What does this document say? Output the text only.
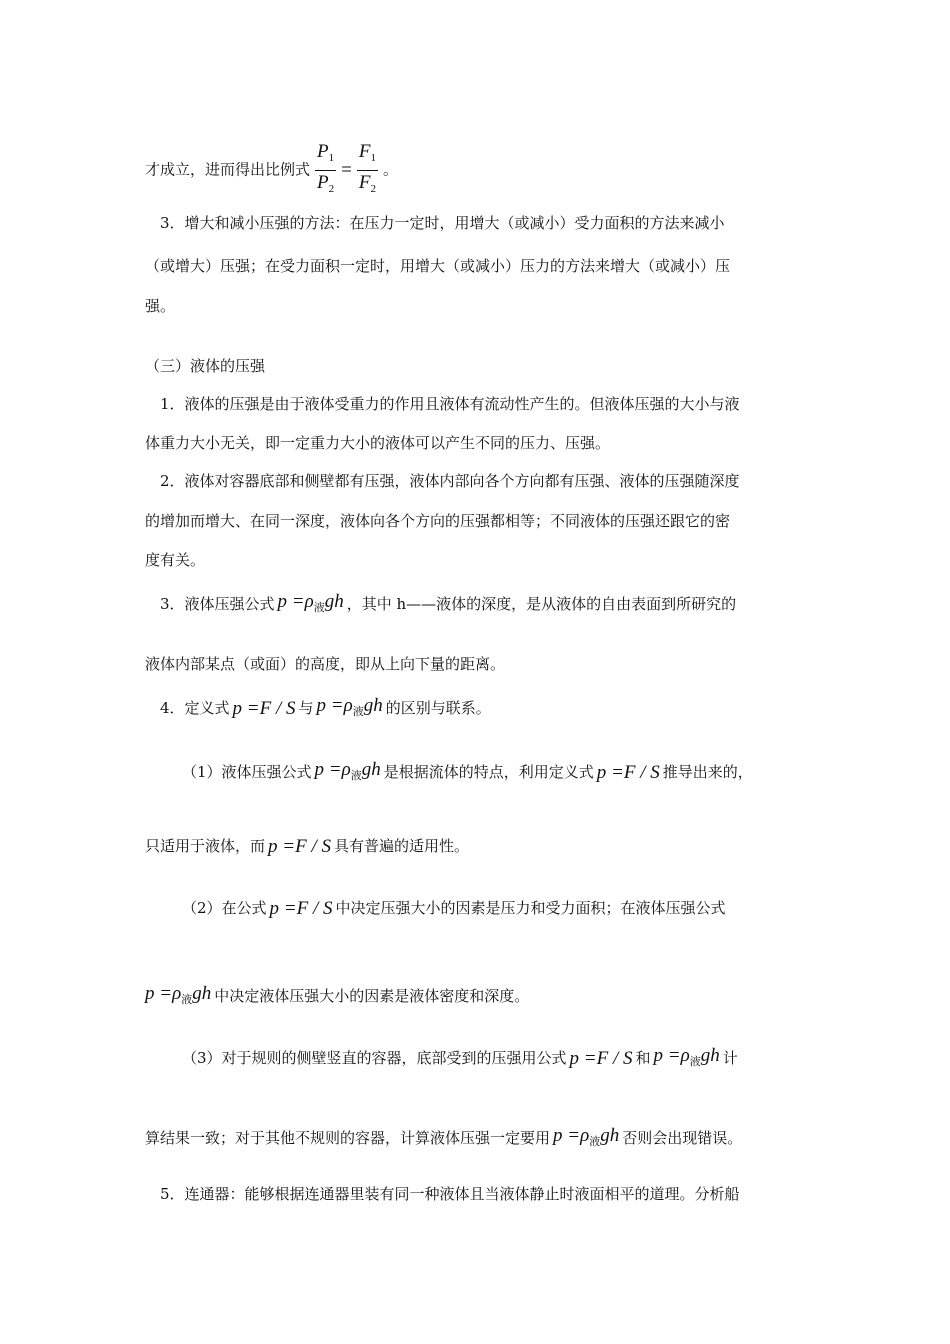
才成立，进而得出比例式 $\frac{P_1}{P_2} = \frac{F_1}{F_2}$ 。
3．增大和减小压强的方法：在压力一定时，用增大（或减小）受力面积的方法来减小
（或增大）压强；在受力面积一定时，用增大（或减小）压力的方法来增大（或减小）压
强。
（三）液体的压强
1．液体的压强是由于液体受重力的作用且液体有流动性产生的。但液体压强的大小与液
体重力大小无关，即一定重力大小的液体可以产生不同的压力、压强。
2．液体对容器底部和侧壁都有压强，液体内部向各个方向都有压强、液体的压强随深度
的增加而增大、在同一深度，液体向各个方向的压强都相等；不同液体的压强还跟它的密
度有关。
3．液体压强公式 $p =\rho_液gh$ ，其中 h——液体的深度，是从液体的自由表面到所研究的
液体内部某点（或面）的高度，即从上向下量的距离。
4．定义式 p =F / S 与 $p =\rho_液gh$ 的区别与联系。
（1）液体压强公式 $p =\rho_液gh$ 是根据流体的特点，利用定义式 p =F / S 推导出来的，
只适用于液体，而 p =F / S 具有普遍的适用性。
（2）在公式 p =F / S 中决定压强大小的因素是压力和受力面积；在液体压强公式
$p =\rho_液gh$ 中决定液体压强大小的因素是液体密度和深度。
（3）对于规则的侧壁竖直的容器，底部受到的压强用公式 p =F / S 和 $p =\rho_液gh$ 计
算结果一致；对于其他不规则的容器，计算液体压强一定要用 $p =\rho_液gh$ 否则会出现错误。
5．连通器：能够根据连通器里装有同一种液体且当液体静止时液面相平的道理。分析船
